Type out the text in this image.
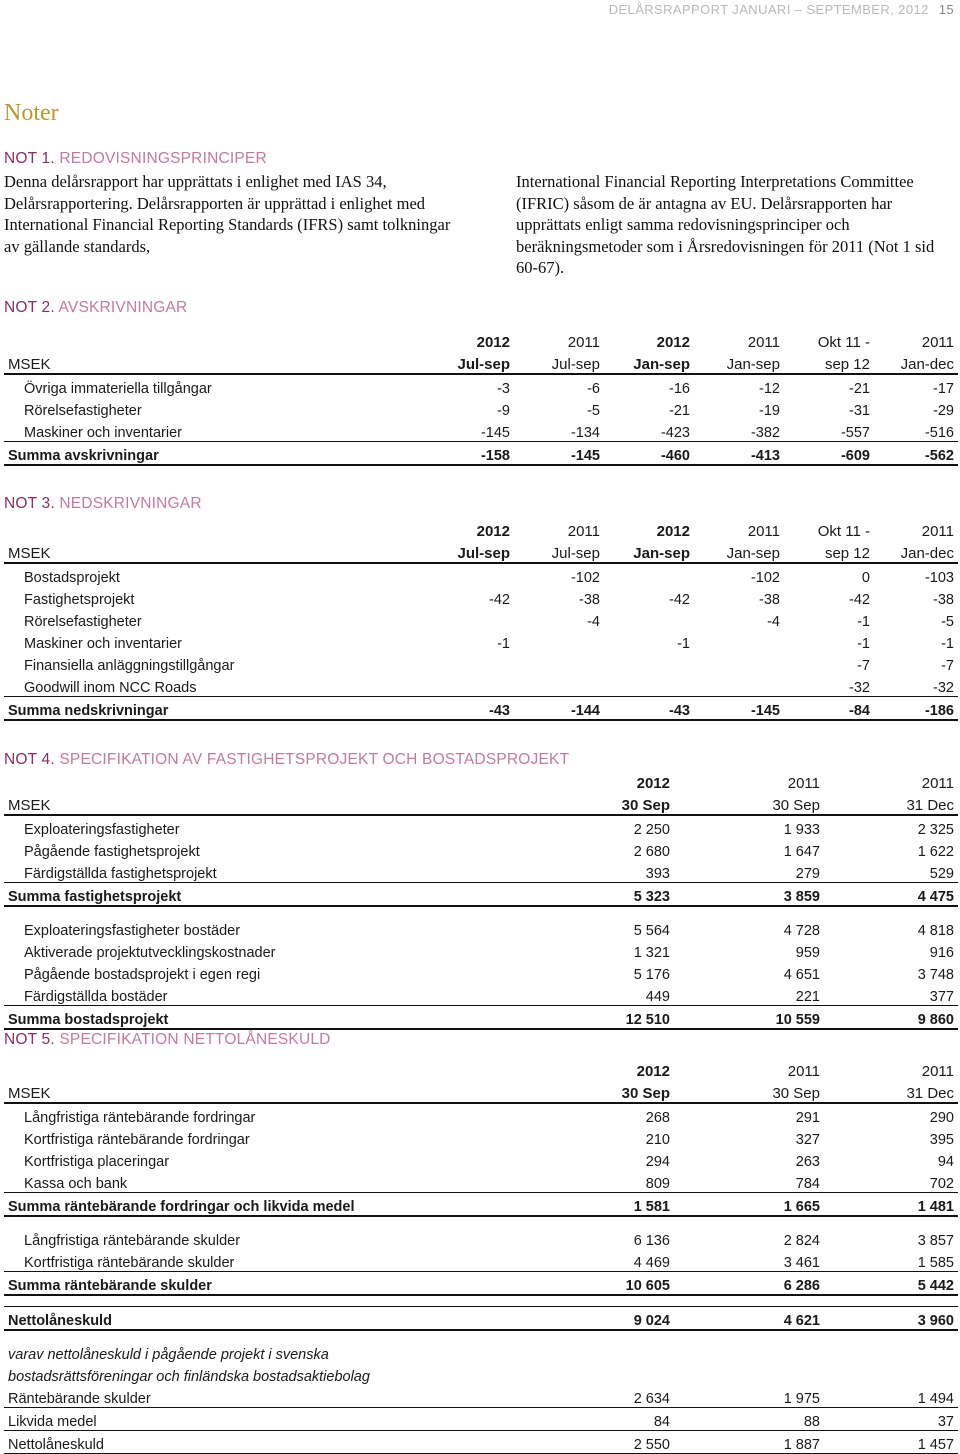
DELÅRSRAPPORT JANUARI – SEPTEMBER, 2012 15
Noter
NOT 1. REDOVISNINGSPRINCIPER

Denna delårsrapport har upprättats i enlighet med IAS 34, Delårsrapportering. Delårsrapporten är upprättad i enlighet med International Financial Reporting Standards (IFRS) samt tolkningar av gällande standards,

International Financial Reporting Interpretations Committee (IFRIC) såsom de är antagna av EU. Delårsrapporten har upprättats enligt samma redovisningsprinciper och beräkningsmetoder som i Årsredovisningen för 2011 (Not 1 sid 60-67).

NOT 2. AVSKRIVNINGAR
	2012	2011	2012	2011	Okt 11 -	2011
MSEK	Jul-sep	Jul-sep	Jan-sep	Jan-sep	sep 12	Jan-dec
Övriga immateriella tillgångar	-3	-6	-16	-12	-21	-17
Rörelsefastigheter	-9	-5	-21	-19	-31	-29
Maskiner och inventarier	-145	-134	-423	-382	-557	-516
Summa avskrivningar	-158	-145	-460	-413	-609	-562
NOT 3. NEDSKRIVNINGAR
	2012	2011	2012	2011	Okt 11 -	2011
MSEK	Jul-sep	Jul-sep	Jan-sep	Jan-sep	sep 12	Jan-dec
Bostadsprojekt		-102		-102	0	-103
Fastighetsprojekt	-42	-38	-42	-38	-42	-38
Rörelsefastigheter		-4		-4	-1	-5
Maskiner och inventarier	-1		-1		-1	-1
Finansiella anläggningstillgångar					-7	-7
Goodwill inom NCC Roads					-32	-32
Summa nedskrivningar	-43	-144	-43	-145	-84	-186
NOT 4. SPECIFIKATION AV FASTIGHETSPROJEKT OCH BOSTADSPROJEKT
	2012	2011	2011
MSEK	30 Sep	30 Sep	31 Dec
Exploateringsfastigheter	2 250	1 933	2 325
Pågående fastighetsprojekt	2 680	1 647	1 622
Färdigställda fastighetsprojekt	393	279	529
Summa fastighetsprojekt	5 323	3 859	4 475

Exploateringsfastigheter bostäder	5 564	4 728	4 818
Aktiverade projektutvecklingskostnader	1 321	959	916
Pågående bostadsprojekt i egen regi	5 176	4 651	3 748
Färdigställda bostäder	449	221	377
Summa bostadsprojekt	12 510	10 559	9 860
NOT 5. SPECIFIKATION NETTOLÅNESKULD
	2012	2011	2011
MSEK	30 Sep	30 Sep	31 Dec
Långfristiga räntebärande fordringar	268	291	290
Kortfristiga räntebärande fordringar	210	327	395
Kortfristiga placeringar	294	263	94
Kassa och bank	809	784	702
Summa räntebärande fordringar och likvida medel	1 581	1 665	1 481

Långfristiga räntebärande skulder	6 136	2 824	3 857
Kortfristiga räntebärande skulder	4 469	3 461	1 585
Summa räntebärande skulder	10 605	6 286	5 442

Nettolåneskuld	9 024	4 621	3 960

varav nettolåneskuld i pågående projekt i svenska			
bostadsrättsföreningar och finländska bostadsaktiebolag			
Räntebärande skulder	2 634	1 975	1 494
Likvida medel	84	88	37
Nettolåneskuld	2 550	1 887	1 457
